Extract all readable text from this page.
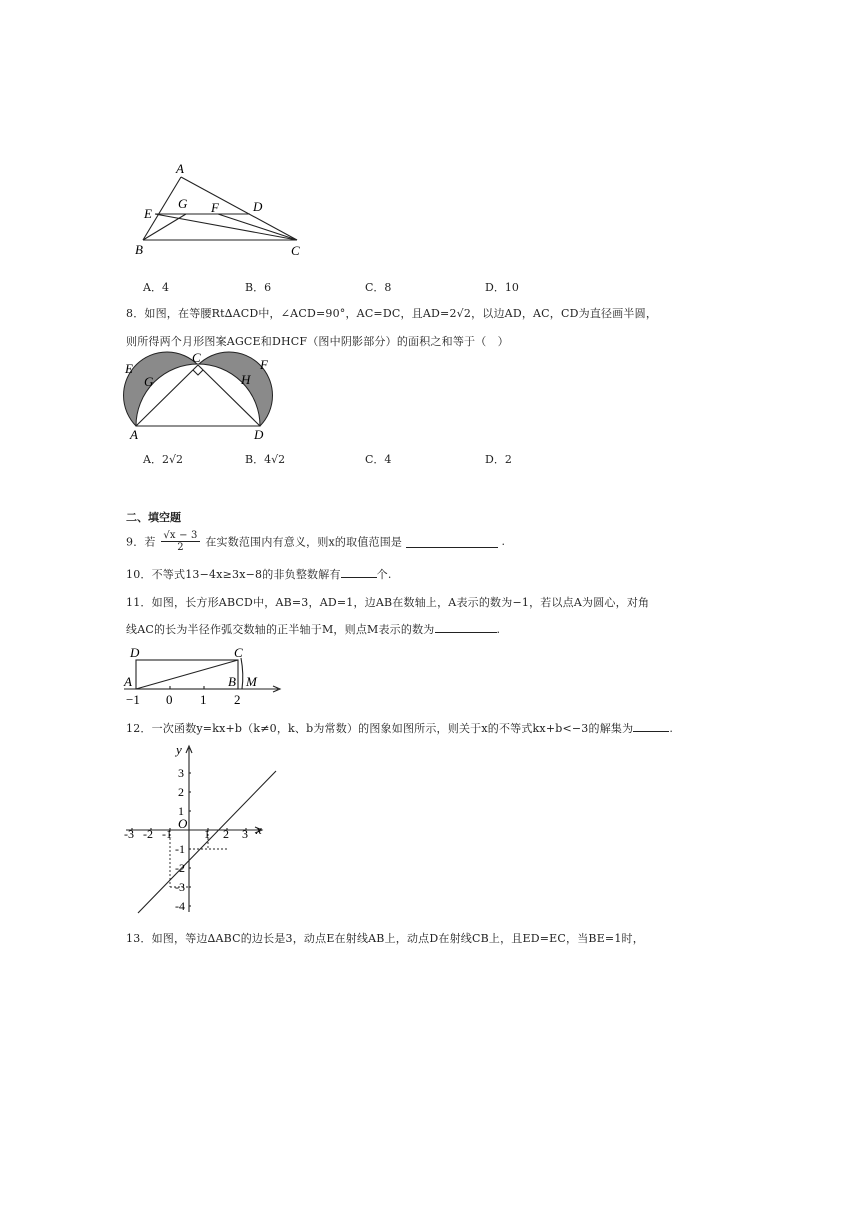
A
E
G F	D
B	C
A．4	B．6	C．8	D．10
8．如图，在等腰Rt∆ACD中，∠ACD=90°，AC=DC，且AD=2√2，以边AD，AC，CD为直径画半圆，
则所得两个月形图案AGCE和DHCF（图中阴影部分）的面积之和等于（　）
C	F
E
G	H
A	D
A．2√2	B．4√2	C．4	D．2
二、填空题
9．若 $\frac{√x - 3}{2}$ 在实数范围内有意义，则x的取值范围是	.
10．不等式13−4x≥3x−8的非负整数解有	个.
11．如图，长方形ABCD中，AB=3，AD=1，边AB在数轴上，A表示的数为−1，若以点A为圆心，对角
线AC的长为半径作弧交数轴的正半轴于M，则点M表示的数为	.
D	C
A	B M
−1 0 1 2
12．一次函数y=kx+b（k≠0，k、b为常数）的图象如图所示，则关于x的不等式kx+b<−3的解集为	.
y
x
O
-3 -2 -1	1 2 3
3
2
1
-1
-2
-3
-4
13．如图，等边∆ABC的边长是3，动点E在射线AB上，动点D在射线CB上，且ED=EC，当BE=1时，
